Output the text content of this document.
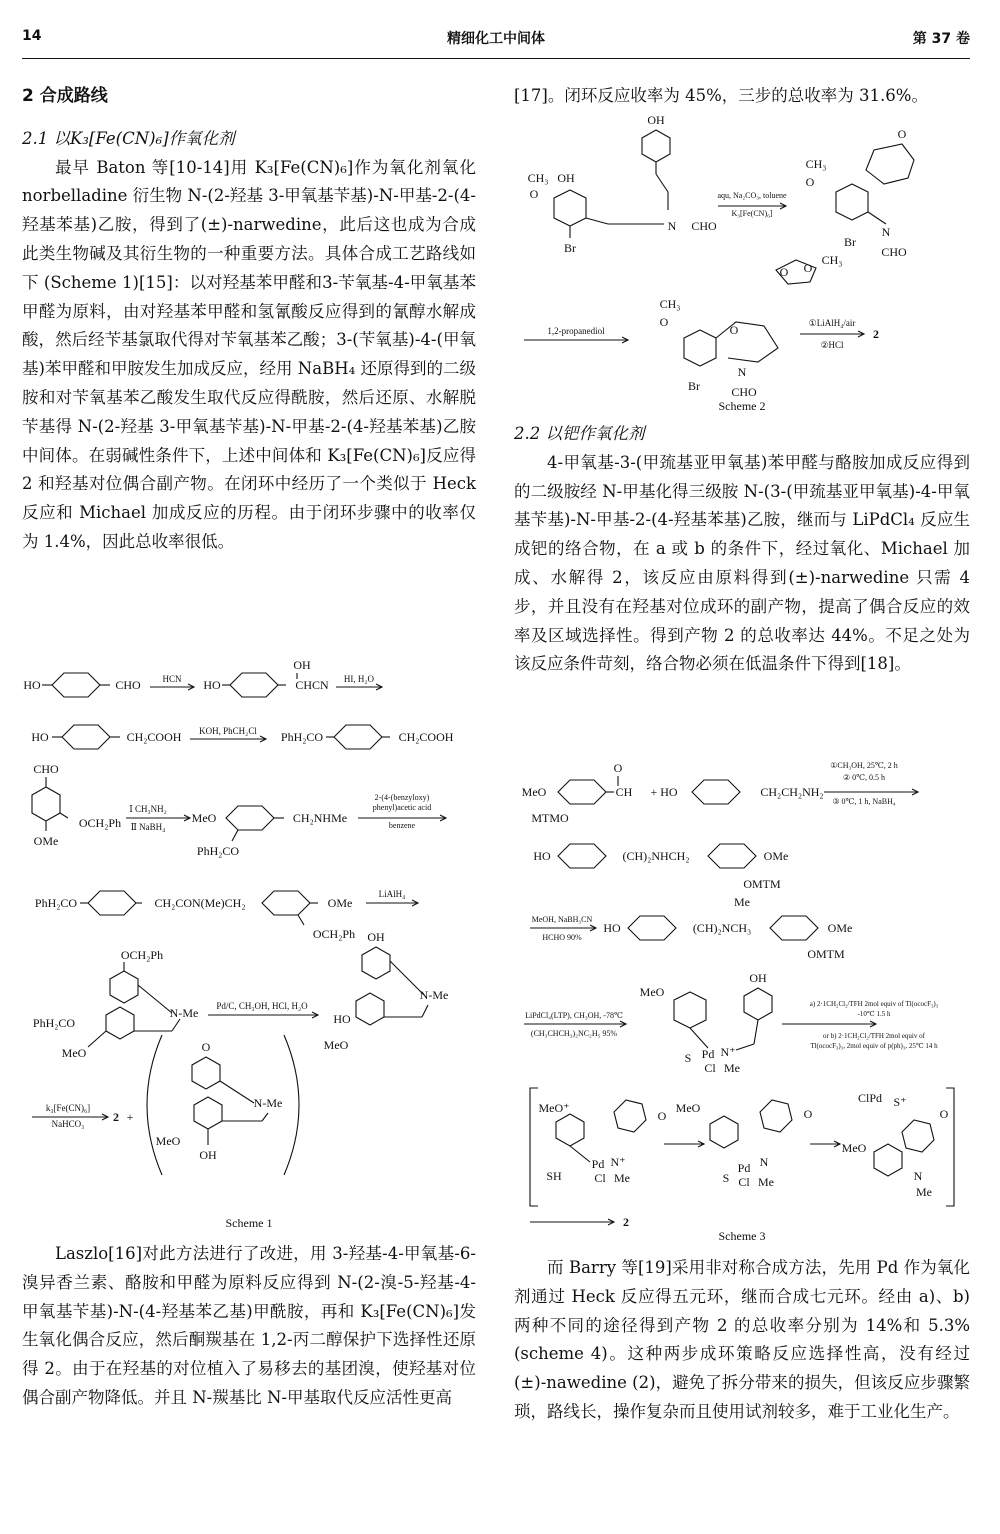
14	精细化工中间体	第 37 卷
2 合成路线
2.1 以K₃[Fe(CN)₆]作氧化剂

最早 Baton 等[10-14]用 K₃[Fe(CN)₆]作为氧化剂氧化 norbelladine 衍生物 N-(2-羟基 3-甲氧基苄基)-N-甲基-2-(4-羟基苯基)乙胺，得到了(±)-narwedine，此后这也成为合成此类生物碱及其衍生物的一种重要方法。具体合成工艺路线如下 (Scheme 1)[15]：以对羟基苯甲醛和3-苄氧基-4-甲氧基苯甲醛为原料，由对羟基苯甲醛和氢氰酸反应得到的氰醇水解成酸，然后经苄基氯取代得对苄氧基苯乙酸；3-(苄氧基)-4-(甲氧基)苯甲醛和甲胺发生加成反应，经用 NaBH₄ 还原得到的二级胺和对苄氧基苯乙酸发生取代反应得酰胺，然后还原、水解脱苄基得 N-(2-羟基 3-甲氧基苄基)-N-甲基-2-(4-羟基苯基)乙胺中间体。在弱碱性条件下，上述中间体和 K₃[Fe(CN)₆]反应得 2 和羟基对位偶合副产物。在闭环中经历了一个类似于 Heck 反应和 Michael 加成反应的历程。由于闭环步骤中的收率仅为 1.4%，因此总收率很低。

HO	CHO HCN HO
OH
CHCN HI, H₂O
HO	CH₂COOH KOH, PhCH₂Cl PhH₂CO	CH₂COOH
CHO
OCH₂Ph
OMe
Ⅰ CH₃NH₂
Ⅱ NaBH₄
MeO	CH₂NHMe
PhH₂CO
2-(4-(benzyloxy)
phenyl)acetic acid
benzene
PhH₂CO	CH₂CON(Me)CH₂	OMe
OCH₂Ph
LiAlH₄
OCH₂Ph
N-Me
PhH₂CO
MeO
Pd/C, CH₃OH, HCl, H₂O
OH
N-Me
HO
MeO
k₃[Fe(CN)₆]
NaHCO₃ 2 +
O
N-Me
MeO
OH
Scheme 1

Laszlo[16]对此方法进行了改进，用 3-羟基-4-甲氧基-6-溴异香兰素、酪胺和甲醛为原料反应得到 N-(2-溴-5-羟基-4-甲氧基苄基)-N-(4-羟基苯乙基)甲酰胺，再和 K₃[Fe(CN)₆]发生氧化偶合反应，然后酮羰基在 1,2-丙二醇保护下选择性还原得 2。由于在羟基的对位植入了易移去的基团溴，使羟基对位偶合副产物降低。并且 N-羰基比 N-甲基取代反应活性更高

[17]。闭环反应收率为 45%，三步的总收率为 31.6%。
OH
N CHO
CH₃ OH
O
Br
aqu, Na₂CO₃, toluene
K₃[Fe(CN)₆]
O
CH₃
O
N
CHO
Br
O O
CH₃
1,2-propanediol
CH₃
O
O
Br
N
CHO
①LiAlH₄/air
②HCl
2
Scheme 2
2.2 以钯作氧化剂

4-甲氧基-3-(甲巯基亚甲氧基)苯甲醛与酪胺加成反应得到的二级胺经 N-甲基化得三级胺 N-(3-(甲巯基亚甲氧基)-4-甲氧基苄基)-N-甲基-2-(4-羟基苯基)乙胺，继而与 LiPdCl₄ 反应生成钯的络合物，在 a 或 b 的条件下，经过氧化、Michael 加成、水解得 2，该反应由原料得到(±)-narwedine 只需 4 步，并且没有在羟基对位成环的副产物，提高了偶合反应的效率及区域选择性。得到产物 2 的总收率达 44%。不足之处为该反应条件苛刻，络合物必须在低温条件下得到[18]。

MeO
O
CH + HO	CH₂CH₂NH₂
MTMO
①CH₃OH, 25℃, 2 h
② 0℃, 0.5 h
③ 0℃, 1 h, NaBH₄
HO	(CH)₂NHCH₂	OMe
OMTM
MeOH, NaBH₃CN
HCHO 90%
HO	(CH)₂NCH₃
Me
OMe
OMTM
LiPdCl₄(LTP), CH₃OH, -78℃
(CH₃CHCH₃)₂NC₂H₅ 95%
MeO
Pd N⁺
S
Cl Me
OH
a) 2·1CH₂Cl₂/TFH 2mol equiv of Tl(ococF₃)₃
-10℃ 1.5 h
or b) 2·1CH₂Cl₂/TFH 2mol equiv of
Tl(ococF₃)₃, 2mol equiv of p(ph)₃, 25℃ 14 h
MeO⁺
Pd N⁺
SH	Cl Me
O
MeO	O
S
Pd N
Cl Me
ClPd S⁺
O
MeO
N
Me
2
Scheme 3

而 Barry 等[19]采用非对称合成方法，先用 Pd 作为氧化剂通过 Heck 反应得五元环，继而合成七元环。经由 a)、b) 两种不同的途径得到产物 2 的总收率分别为 14%和 5.3% (scheme 4)。这种两步成环策略反应选择性高，没有经过 (±)-nawedine (2)，避免了拆分带来的损失，但该反应步骤繁琐，路线长，操作复杂而且使用试剂较多，难于工业化生产。
